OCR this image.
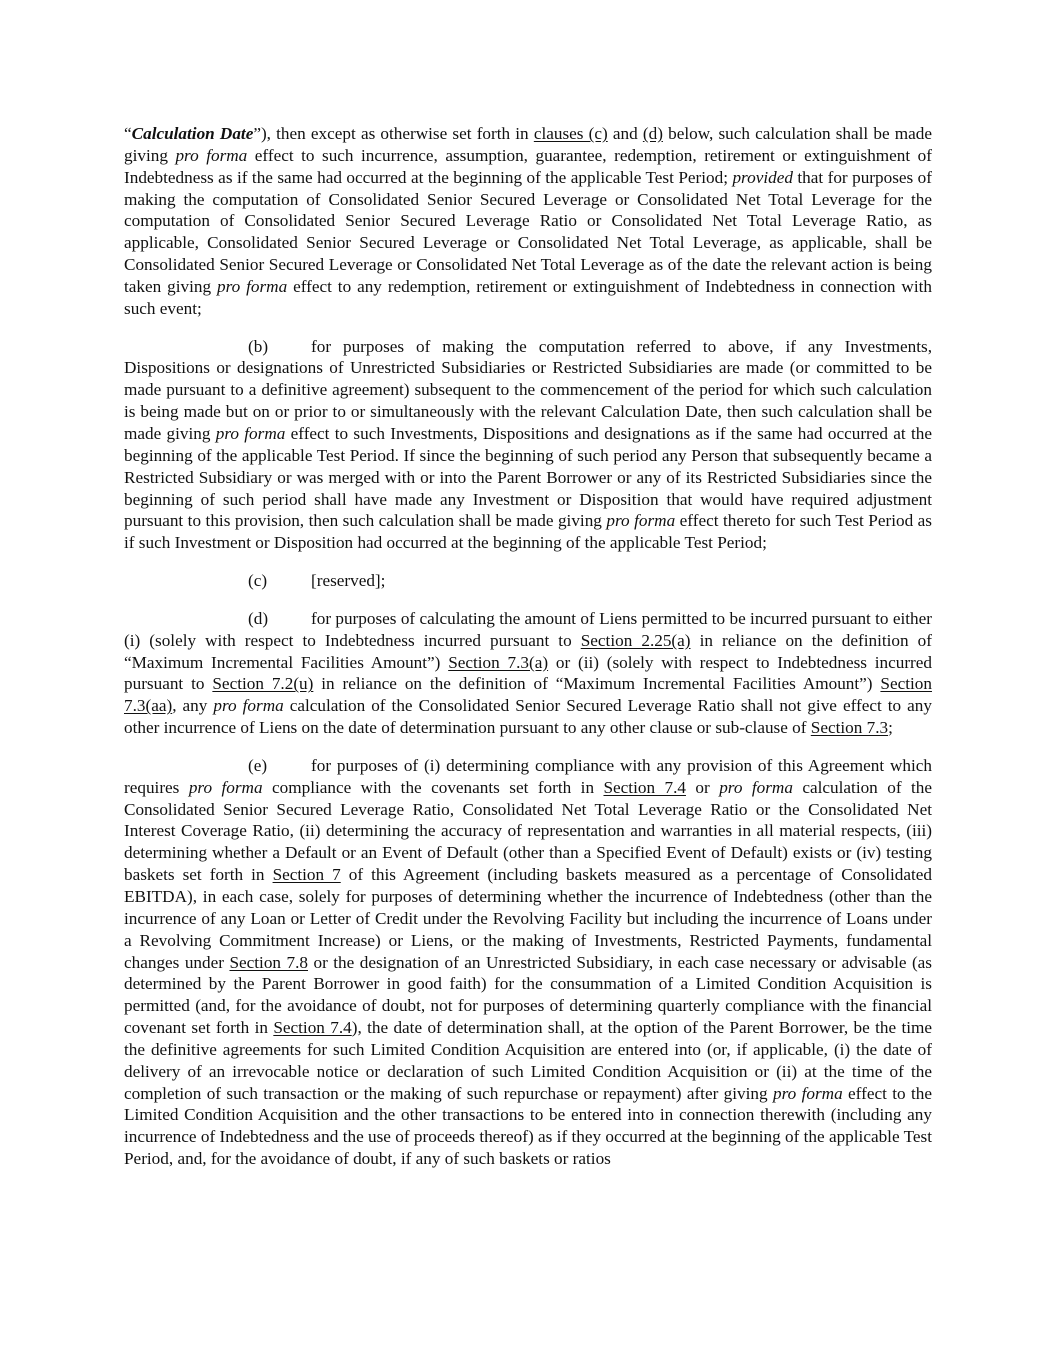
“Calculation Date”), then except as otherwise set forth in clauses (c) and (d) below, such calculation shall be made giving pro forma effect to such incurrence, assumption, guarantee, redemption, retirement or extinguishment of Indebtedness as if the same had occurred at the beginning of the applicable Test Period; provided that for purposes of making the computation of Consolidated Senior Secured Leverage or Consolidated Net Total Leverage for the computation of Consolidated Senior Secured Leverage Ratio or Consolidated Net Total Leverage Ratio, as applicable, Consolidated Senior Secured Leverage or Consolidated Net Total Leverage, as applicable, shall be Consolidated Senior Secured Leverage or Consolidated Net Total Leverage as of the date the relevant action is being taken giving pro forma effect to any redemption, retirement or extinguishment of Indebtedness in connection with such event;

(b) for purposes of making the computation referred to above, if any Investments, Dispositions or designations of Unrestricted Subsidiaries or Restricted Subsidiaries are made (or committed to be made pursuant to a definitive agreement) subsequent to the commencement of the period for which such calculation is being made but on or prior to or simultaneously with the relevant Calculation Date, then such calculation shall be made giving pro forma effect to such Investments, Dispositions and designations as if the same had occurred at the beginning of the applicable Test Period. If since the beginning of such period any Person that subsequently became a Restricted Subsidiary or was merged with or into the Parent Borrower or any of its Restricted Subsidiaries since the beginning of such period shall have made any Investment or Disposition that would have required adjustment pursuant to this provision, then such calculation shall be made giving pro forma effect thereto for such Test Period as if such Investment or Disposition had occurred at the beginning of the applicable Test Period;

(c)	[reserved];

(d) for purposes of calculating the amount of Liens permitted to be incurred pursuant to either (i) (solely with respect to Indebtedness incurred pursuant to Section 2.25(a) in reliance on the definition of “Maximum Incremental Facilities Amount”) Section 7.3(a) or (ii) (solely with respect to Indebtedness incurred pursuant to Section 7.2(u) in reliance on the definition of “Maximum Incremental Facilities Amount”) Section 7.3(aa), any pro forma calculation of the Consolidated Senior Secured Leverage Ratio shall not give effect to any other incurrence of Liens on the date of determination pursuant to any other clause or sub-clause of Section 7.3;

(e)	for purposes of (i) determining compliance with any provision of this Agreement which requires pro forma compliance with the covenants set forth in Section 7.4 or pro forma calculation of the Consolidated Senior Secured Leverage Ratio, Consolidated Net Total Leverage Ratio or the Consolidated Net Interest Coverage Ratio, (ii) determining the accuracy of representation and warranties in all material respects, (iii) determining whether a Default or an Event of Default (other than a Specified Event of Default) exists or (iv) testing baskets set forth in Section 7 of this Agreement (including baskets measured as a percentage of Consolidated EBITDA), in each case, solely for purposes of determining whether the incurrence of Indebtedness (other than the incurrence of any Loan or Letter of Credit under the Revolving Facility but including the incurrence of Loans under a Revolving Commitment Increase) or Liens, or the making of Investments, Restricted Payments, fundamental changes under Section 7.8 or the designation of an Unrestricted Subsidiary, in each case necessary or advisable (as determined by the Parent Borrower in good faith) for the consummation of a Limited Condition Acquisition is permitted (and, for the avoidance of doubt, not for purposes of determining quarterly compliance with the financial covenant set forth in Section 7.4), the date of determination shall, at the option of the Parent Borrower, be the time the definitive agreements for such Limited Condition Acquisition are entered into (or, if applicable, (i) the date of delivery of an irrevocable notice or declaration of such Limited Condition Acquisition or (ii) at the time of the completion of such transaction or the making of such repurchase or repayment) after giving pro forma effect to the Limited Condition Acquisition and the other transactions to be entered into in connection therewith (including any incurrence of Indebtedness and the use of proceeds thereof) as if they occurred at the beginning of the applicable Test Period, and, for the avoidance of doubt, if any of such baskets or ratios
